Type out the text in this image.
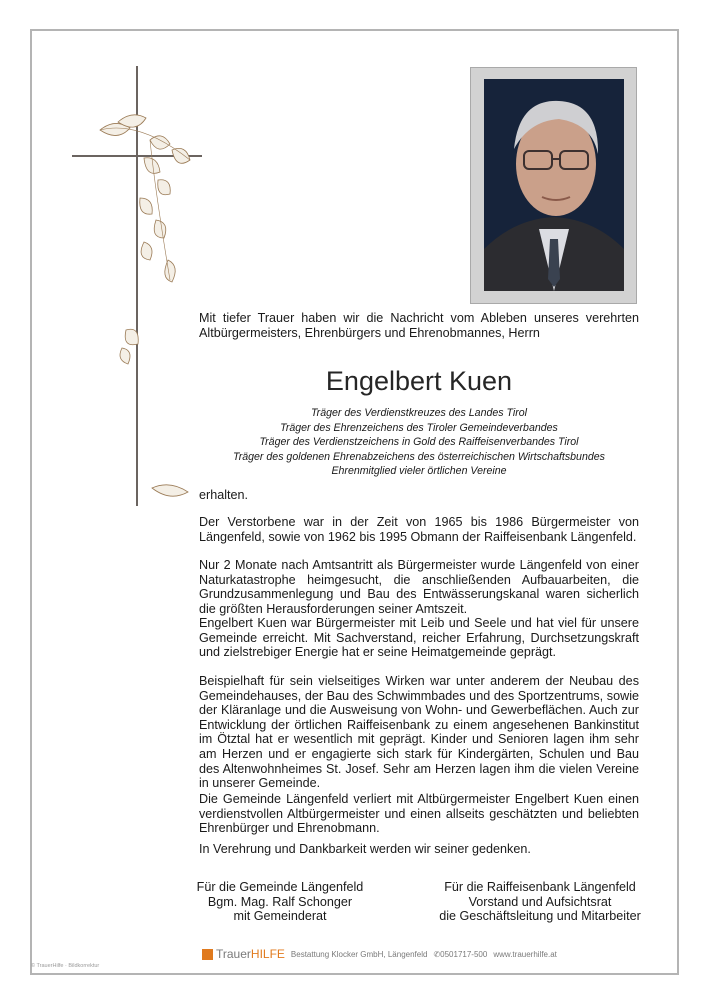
Mit tiefer Trauer haben wir die Nachricht vom Ableben unseres verehrten Altbürgermeisters, Ehrenbürgers und Ehrenobmannes, Herrn
Engelbert Kuen
Träger des Verdienstkreuzes des Landes Tirol
Träger des Ehrenzeichens des Tiroler Gemeindeverbandes
Träger des Verdienstzeichens in Gold des Raiffeisenverbandes Tirol
Träger des goldenen Ehrenabzeichens des österreichischen Wirtschaftsbundes
Ehrenmitglied vieler örtlichen Vereine
erhalten.
Der Verstorbene war in der Zeit von 1965 bis 1986 Bürgermeister von Längenfeld, sowie von 1962 bis 1995 Obmann der Raiffeisenbank Längenfeld.
Nur 2 Monate nach Amtsantritt als Bürgermeister wurde Längenfeld von einer Naturkatastrophe heimgesucht, die anschließenden Aufbauarbeiten, die Grundzusammenlegung und Bau des Entwässerungskanal waren sicherlich die größten Herausforderungen seiner Amtszeit.
Engelbert Kuen war Bürgermeister mit Leib und Seele und hat viel für unsere Gemeinde erreicht. Mit Sachverstand, reicher Erfahrung, Durchsetzungskraft und zielstrebiger Energie hat er seine Heimatgemeinde geprägt.
Beispielhaft für sein vielseitiges Wirken war unter anderem der Neubau des Gemeindehauses, der Bau des Schwimmbades und des Sportzentrums, sowie der Kläranlage und die Ausweisung von Wohn- und Gewerbeflächen. Auch zur Entwicklung der örtlichen Raiffeisenbank zu einem angesehenen Bankinstitut im Ötztal hat er wesentlich mit geprägt. Kinder und Senioren lagen ihm sehr am Herzen und er engagierte sich stark für Kindergärten, Schulen und Bau des Altenwohnheimes St. Josef. Sehr am Herzen lagen ihm die vielen Vereine in unserer Gemeinde.
Die Gemeinde Längenfeld verliert mit Altbürgermeister Engelbert Kuen einen verdienstvollen Altbürgermeister und einen allseits geschätzten und beliebten Ehrenbürger und Ehrenobmann.
In Verehrung und Dankbarkeit werden wir seiner gedenken.
Für die Gemeinde Längenfeld
Bgm. Mag. Ralf Schonger
mit Gemeinderat
Für die Raiffeisenbank Längenfeld
Vorstand und Aufsichtsrat
die Geschäftsleitung und Mitarbeiter
TrauerHILFE Bestattung Klocker GmbH, Längenfeld ✆ 0501717-500 www.trauerhilfe.at
© TrauerHilfe · Bildkorrektur
